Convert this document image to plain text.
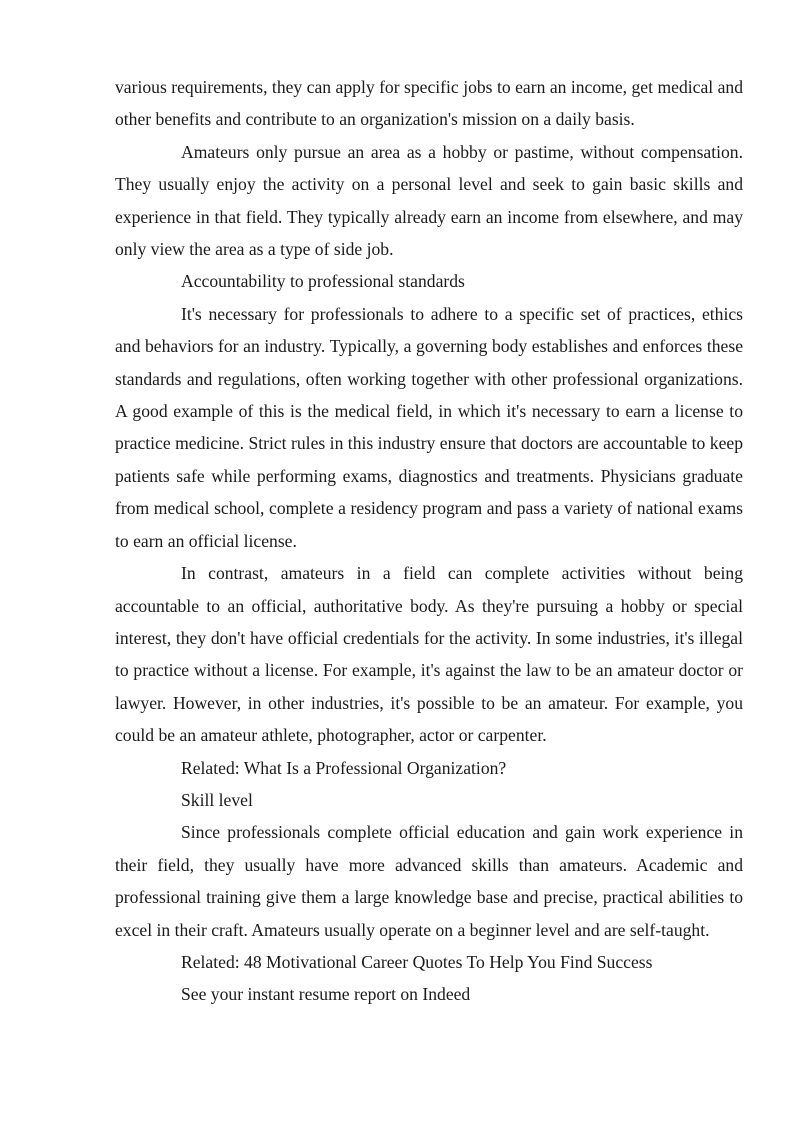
various requirements, they can apply for specific jobs to earn an income, get medical and other benefits and contribute to an organization's mission on a daily basis.

Amateurs only pursue an area as a hobby or pastime, without compensation. They usually enjoy the activity on a personal level and seek to gain basic skills and experience in that field. They typically already earn an income from elsewhere, and may only view the area as a type of side job.

Accountability to professional standards

It's necessary for professionals to adhere to a specific set of practices, ethics and behaviors for an industry. Typically, a governing body establishes and enforces these standards and regulations, often working together with other professional organizations. A good example of this is the medical field, in which it's necessary to earn a license to practice medicine. Strict rules in this industry ensure that doctors are accountable to keep patients safe while performing exams, diagnostics and treatments. Physicians graduate from medical school, complete a residency program and pass a variety of national exams to earn an official license.

In contrast, amateurs in a field can complete activities without being accountable to an official, authoritative body. As they're pursuing a hobby or special interest, they don't have official credentials for the activity. In some industries, it's illegal to practice without a license. For example, it's against the law to be an amateur doctor or lawyer. However, in other industries, it's possible to be an amateur. For example, you could be an amateur athlete, photographer, actor or carpenter.

Related: What Is a Professional Organization?

Skill level

Since professionals complete official education and gain work experience in their field, they usually have more advanced skills than amateurs. Academic and professional training give them a large knowledge base and precise, practical abilities to excel in their craft. Amateurs usually operate on a beginner level and are self-taught.

Related: 48 Motivational Career Quotes To Help You Find Success

See your instant resume report on Indeed
